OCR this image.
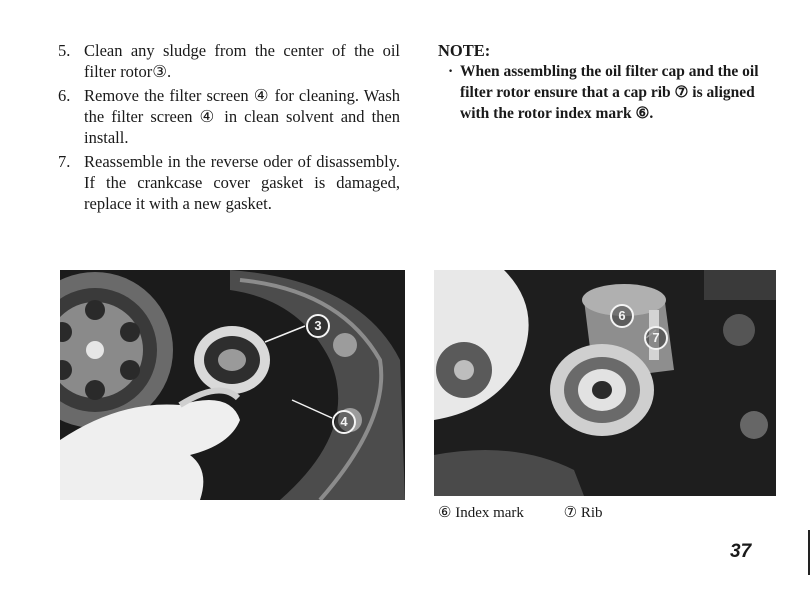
5. Clean any sludge from the center of the oil filter rotor③.
6. Remove the filter screen ④ for cleaning. Wash the filter screen ④ in clean solvent and then install.
7. Reassemble in the reverse oder of disassembly. If the crankcase cover gasket is damaged, replace it with a new gasket.
NOTE:
· When assembling the oil filter cap and the oil filter rotor ensure that a cap rib ⑦ is aligned with the rotor index mark ⑥.
3
4
7
6
⑥ Index mark	⑦ Rib
37
